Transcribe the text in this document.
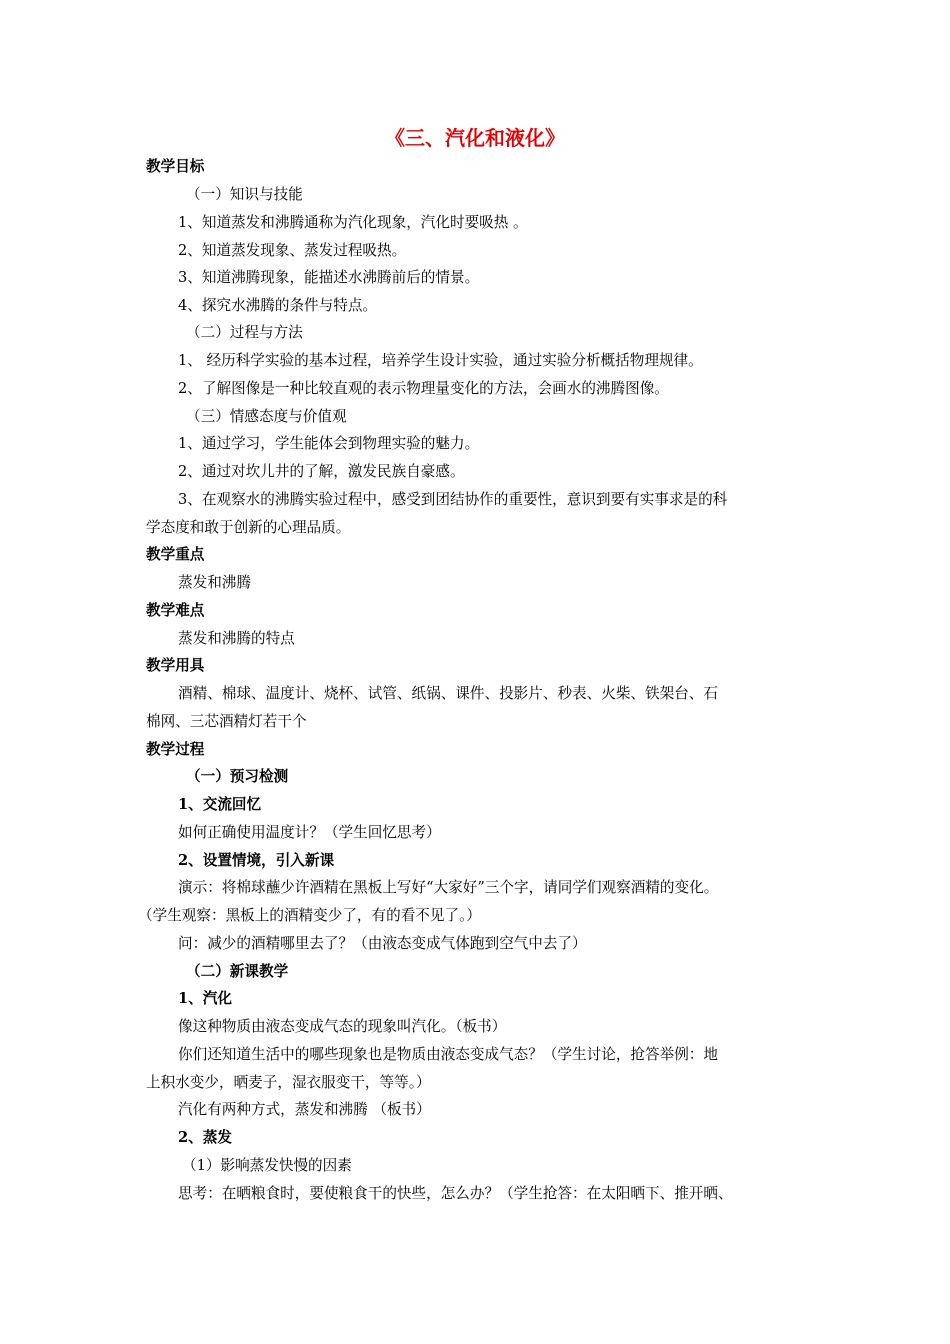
《三、汽化和液化》
教学目标
（一）知识与技能
1、知道蒸发和沸腾通称为汽化现象，汽化时要吸热 。
2、知道蒸发现象、蒸发过程吸热。
3、知道沸腾现象，能描述水沸腾前后的情景。
4、探究水沸腾的条件与特点。
（二）过程与方法
1、 经历科学实验的基本过程，培养学生设计实验，通过实验分析概括物理规律。
2、了解图像是一种比较直观的表示物理量变化的方法，会画水的沸腾图像。
（三）情感态度与价值观
1、通过学习，学生能体会到物理实验的魅力。
2、通过对坎儿井的了解，激发民族自豪感。
3、在观察水的沸腾实验过程中，感受到团结协作的重要性，意识到要有实事求是的科
学态度和敢于创新的心理品质。
教学重点
蒸发和沸腾
教学难点
蒸发和沸腾的特点
教学用具
酒精、棉球、温度计、烧杯、试管、纸锅、课件、投影片、秒表、火柴、铁架台、石
棉网、三芯酒精灯若干个
教学过程
（一）预习检测
1、交流回忆
如何正确使用温度计？（学生回忆思考）
2、设置情境，引入新课
演示：将棉球蘸少许酒精在黑板上写好“大家好”三个字，请同学们观察酒精的变化。
（学生观察：黑板上的酒精变少了，有的看不见了。）
问：减少的酒精哪里去了？（由液态变成气体跑到空气中去了）
（二）新课教学
1、汽化
像这种物质由液态变成气态的现象叫汽化。（板书）
你们还知道生活中的哪些现象也是物质由液态变成气态？（学生讨论，抢答举例：地
上积水变少，晒麦子，湿衣服变干，等等。）
汽化有两种方式，蒸发和沸腾 （板书）
2、蒸发
（1）影响蒸发快慢的因素
思考：在晒粮食时，要使粮食干的快些，怎么办？（学生抢答：在太阳晒下、推开晒、
